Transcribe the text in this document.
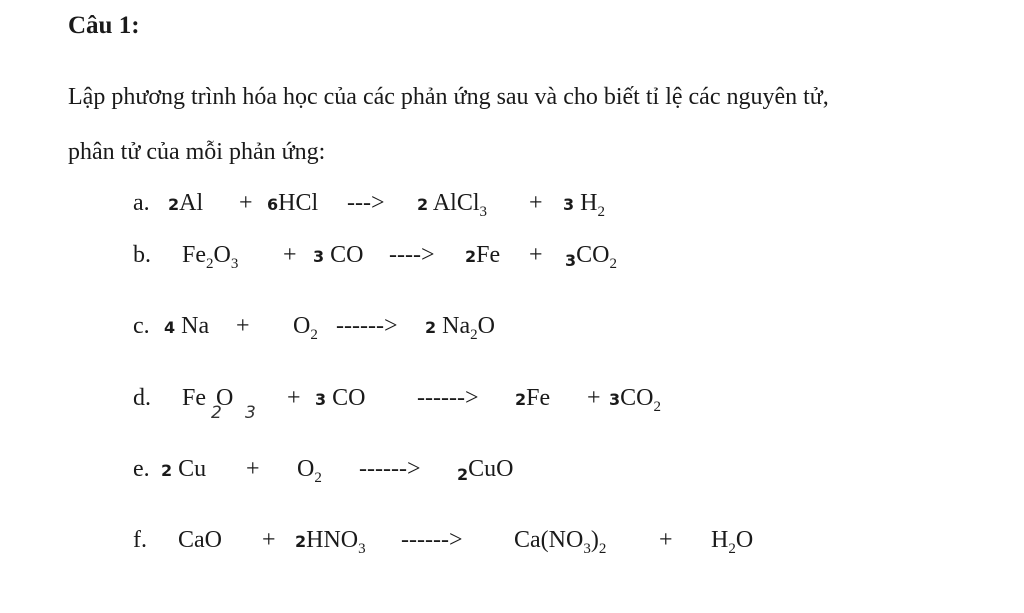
Câu 1:
Lập phương trình hóa học của các phản ứng sau và cho biết tỉ lệ các nguyên tử,
phân tử của mỗi phản ứng:
a. 2Al + 6HCl ---> 2 AlCl$_3$ + 3 $H_2$
b. $Fe_2O_3 + 3$ CO ----> $2Fe + 3CO_2$
c. 4 $Na + O_2$ ------> 2 $Na_2O$
d. Fe O
2 3
+ 3 CO ------> $2Fe + 3CO_2$
e. 2 $Cu + O_2$ ------> 2CuO
f. CaO + $2HNO_3$ ------> $Ca(NO_3)_2 + H_2O$
